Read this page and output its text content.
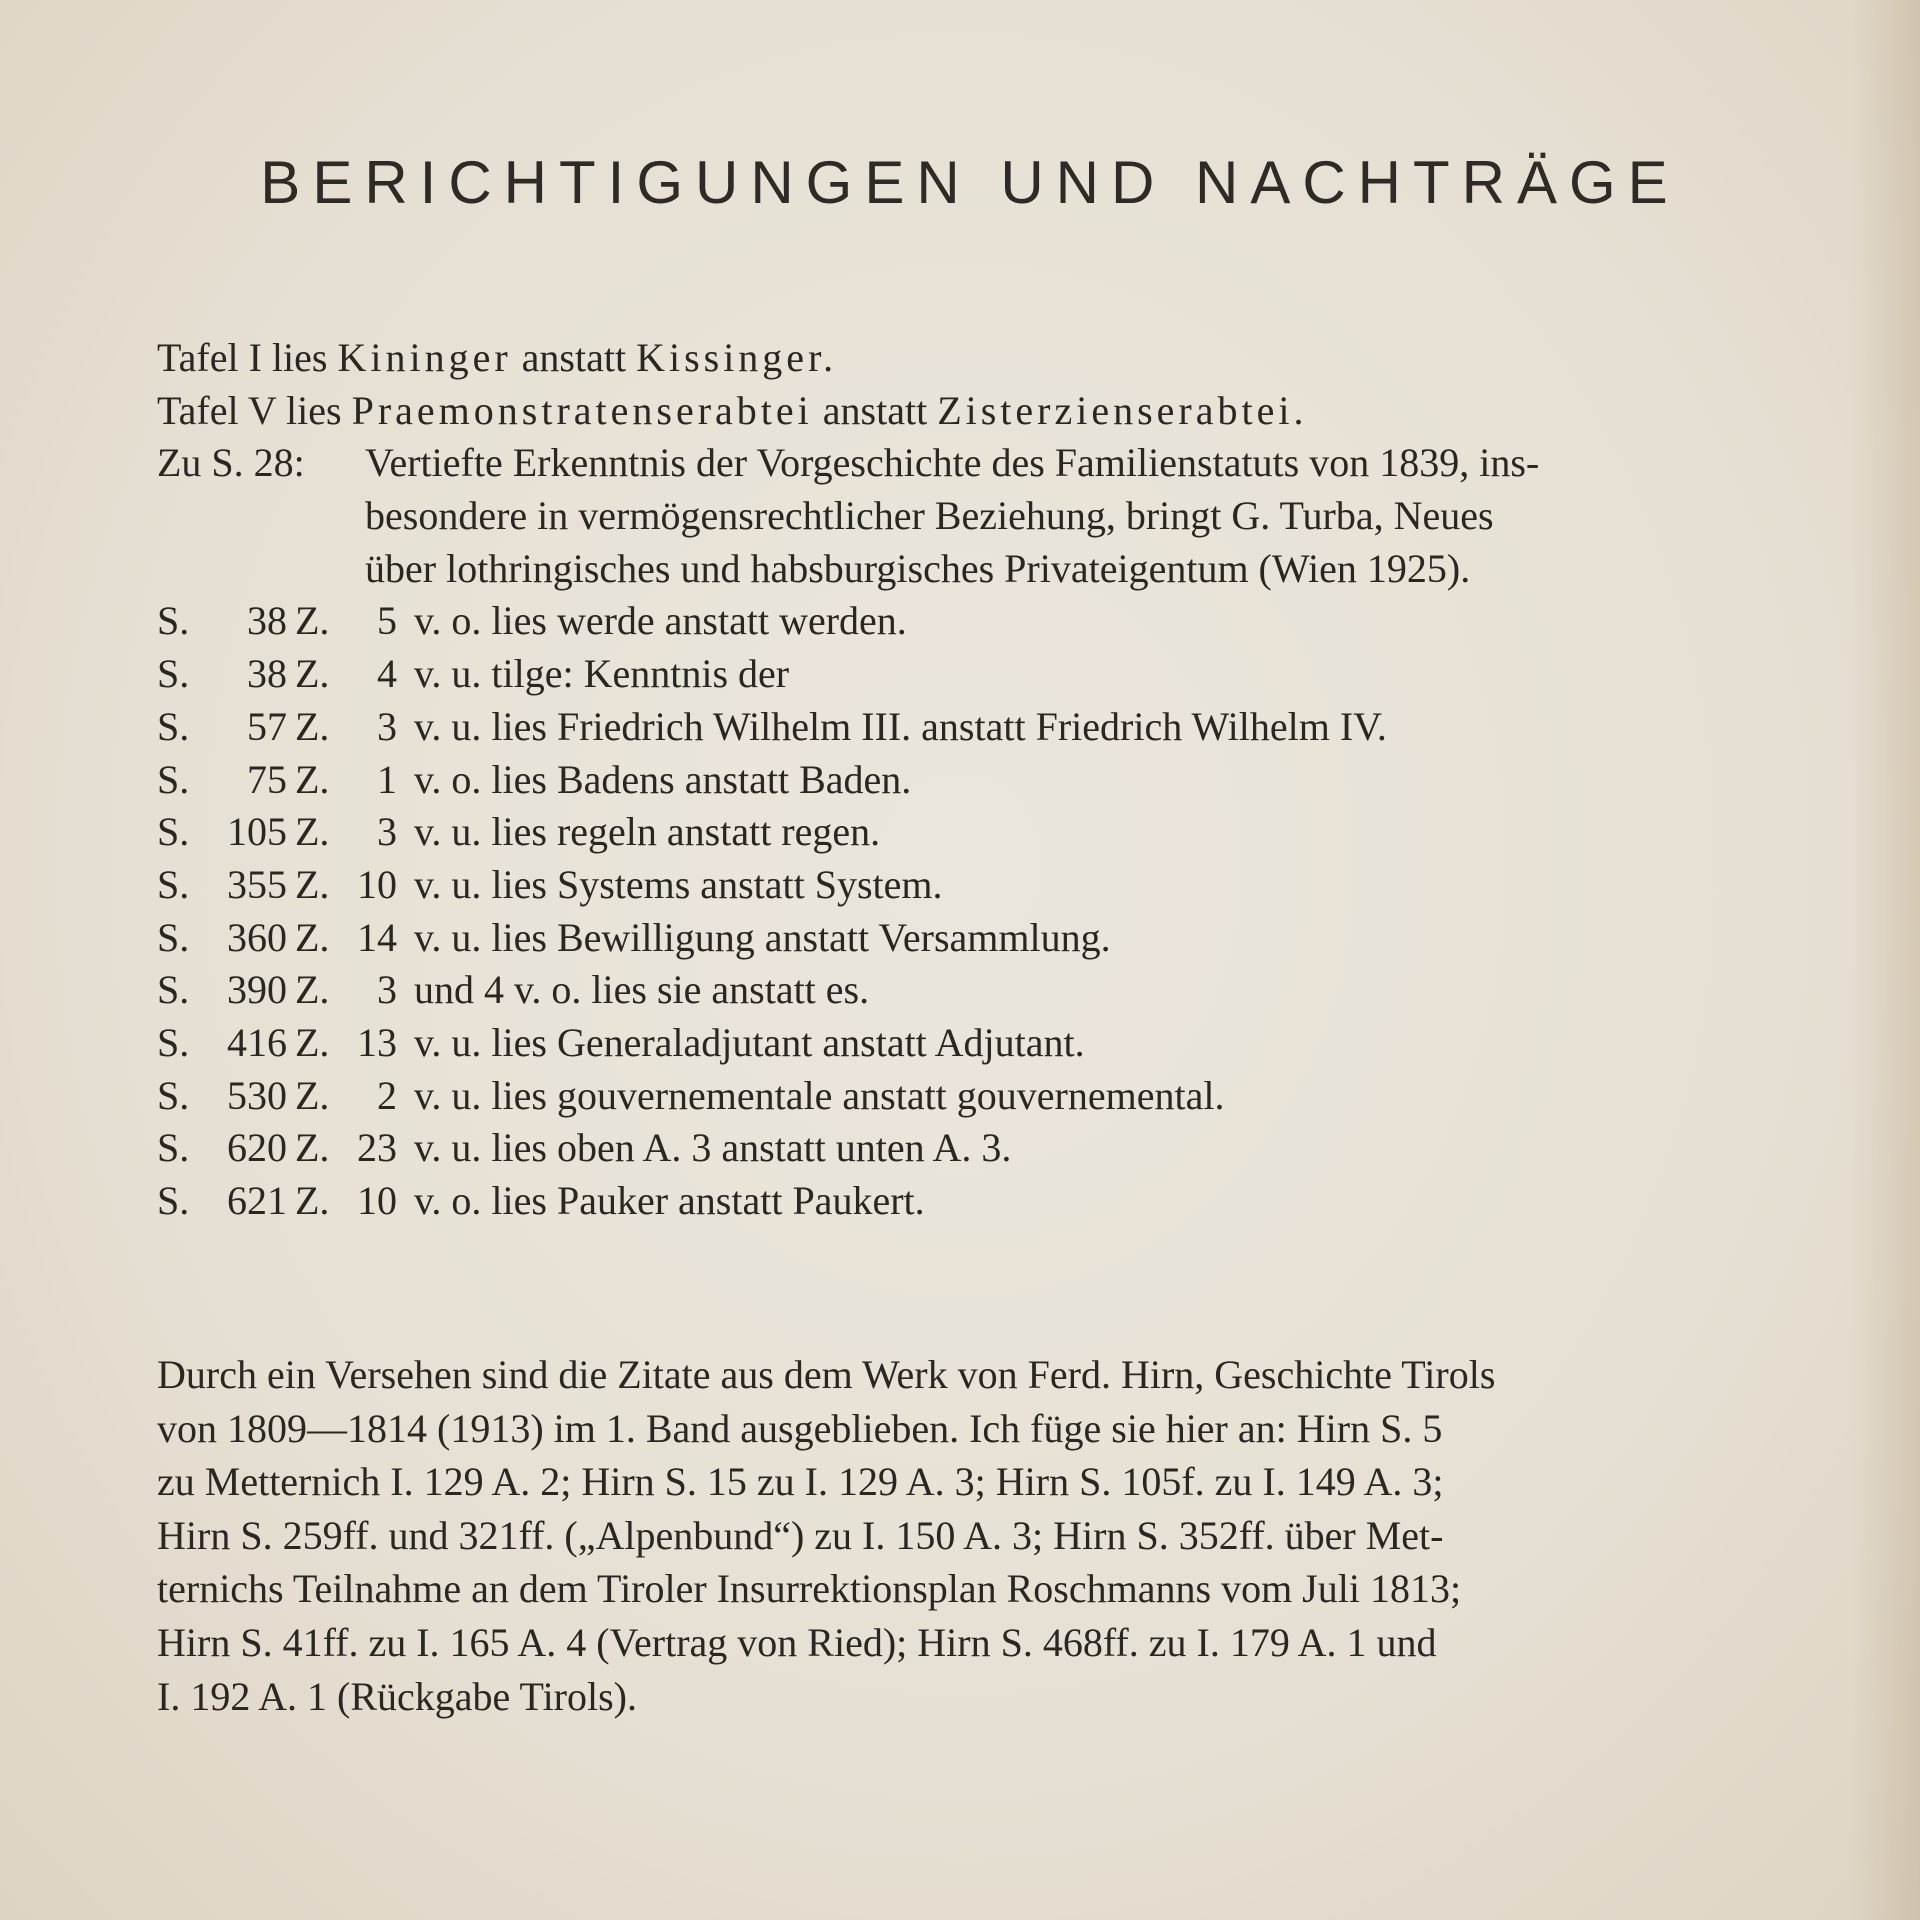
BERICHTIGUNGEN UND NACHTRÄGE
Tafel I lies Kininger anstatt Kissinger.
Tafel V lies Praemonstratenserabtei anstatt Zisterzienserabtei.
Zu S. 28: Vertiefte Erkenntnis der Vorgeschichte des Familienstatuts von 1839, ins-
besondere in vermögensrechtlicher Beziehung, bringt G. Turba, Neues
über lothringisches und habsburgisches Privateigentum (Wien 1925).
S.	38 Z.	5 v. o. lies werde anstatt werden.
S.	38 Z.	4 v. u. tilge: Kenntnis der
S.	57 Z.	3 v. u. lies Friedrich Wilhelm III. anstatt Friedrich Wilhelm IV.
S.	75 Z.	1 v. o. lies Badens anstatt Baden.
S. 105 Z.	3 v. u. lies regeln anstatt regen.
S. 355 Z. 10 v. u. lies Systems anstatt System.
S. 360 Z. 14 v. u. lies Bewilligung anstatt Versammlung.
S. 390 Z.	3 und 4 v. o. lies sie anstatt es.
S. 416 Z. 13 v. u. lies Generaladjutant anstatt Adjutant.
S. 530 Z.	2 v. u. lies gouvernementale anstatt gouvernemental.
S. 620 Z. 23 v. u. lies oben A. 3 anstatt unten A. 3.
S. 621 Z. 10 v. o. lies Pauker anstatt Paukert.
Durch ein Versehen sind die Zitate aus dem Werk von Ferd. Hirn, Geschichte Tirols
von 1809—1814 (1913) im 1. Band ausgeblieben. Ich füge sie hier an: Hirn S. 5
zu Metternich I. 129 A. 2; Hirn S. 15 zu I. 129 A. 3; Hirn S. 105f. zu I. 149 A. 3;
Hirn S. 259ff. und 321ff. („Alpenbund“) zu I. 150 A. 3; Hirn S. 352ff. über Met-
ternichs Teilnahme an dem Tiroler Insurrektionsplan Roschmanns vom Juli 1813;
Hirn S. 41ff. zu I. 165 A. 4 (Vertrag von Ried); Hirn S. 468ff. zu I. 179 A. 1 und
I. 192 A. 1 (Rückgabe Tirols).
